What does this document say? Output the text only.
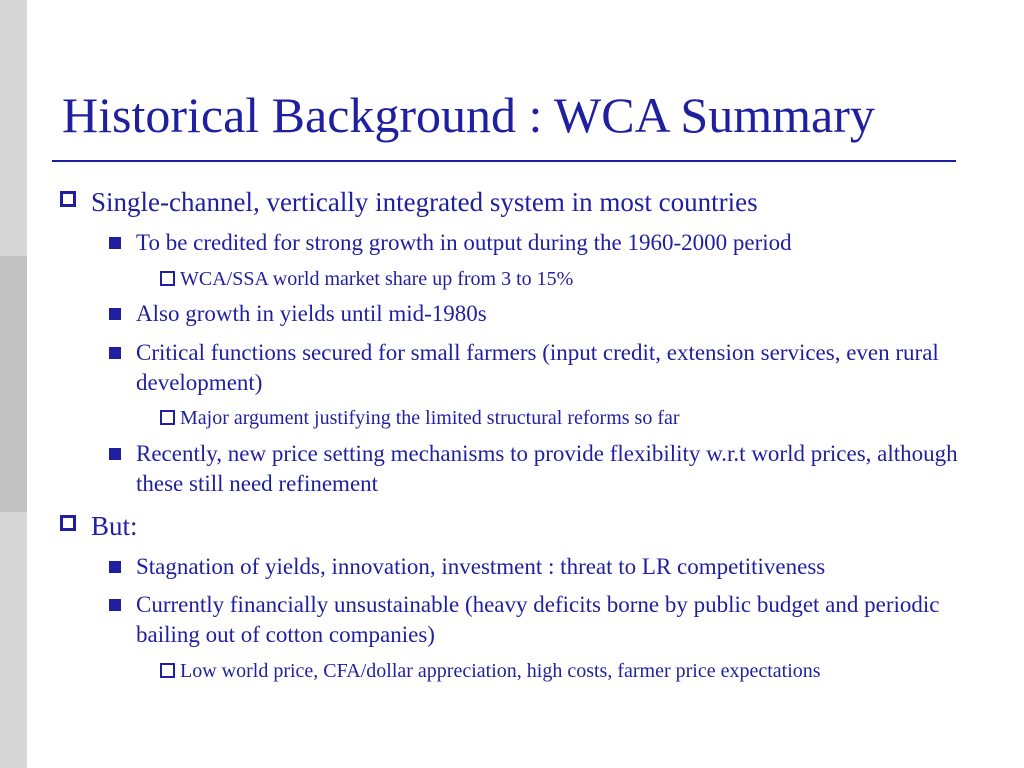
Historical Background : WCA Summary
Single-channel, vertically integrated system in most countries
To be credited for strong growth in output during the 1960-2000 period
WCA/SSA world market share up from 3 to 15%
Also growth in yields until mid-1980s
Critical functions secured for small farmers (input credit, extension services, even rural development)
Major argument justifying the limited structural reforms so far
Recently, new price setting mechanisms to provide flexibility w.r.t world prices, although these still need refinement
But:
Stagnation of yields, innovation, investment : threat to LR competitiveness
Currently financially unsustainable (heavy deficits borne by public budget and periodic bailing out of cotton companies)
Low world price, CFA/dollar appreciation, high costs, farmer price expectations
